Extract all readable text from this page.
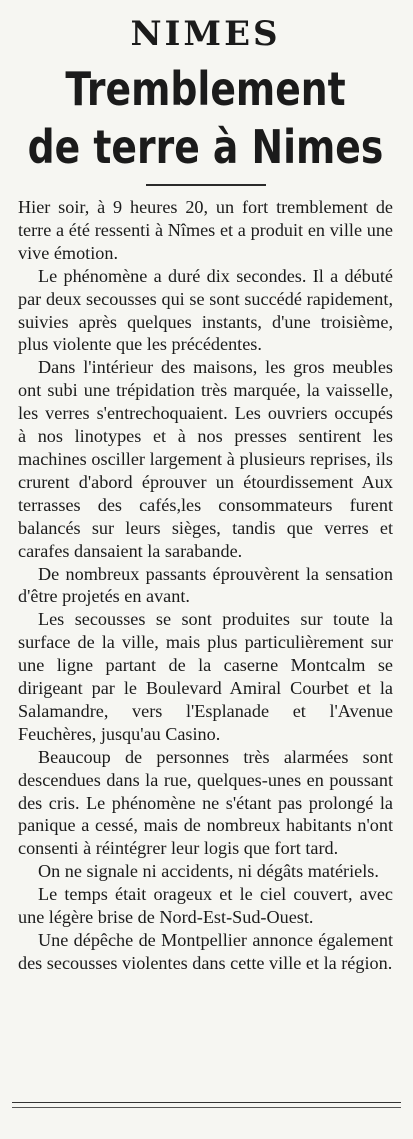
NIMES
Tremblement
de terre à Nimes

Hier soir, à 9 heures 20, un fort tremblement de terre a été ressenti à Nîmes et a produit en ville une vive émotion.

Le phénomène a duré dix secondes. Il a débuté par deux secousses qui se sont succédé rapidement, suivies après quelques instants, d'une troisième, plus violente que les précédentes.

Dans l'intérieur des maisons, les gros meubles ont subi une trépidation très marquée, la vaisselle, les verres s'entrechoquaient. Les ouvriers occupés à nos linotypes et à nos presses sentirent les machines osciller largement à plusieurs reprises, ils crurent d'abord éprouver un étourdissement Aux terrasses des cafés,les consommateurs furent balancés sur leurs sièges, tandis que verres et carafes dansaient la sarabande.

De nombreux passants éprouvèrent la sensation d'être projetés en avant.

Les secousses se sont produites sur toute la surface de la ville, mais plus particulièrement sur une ligne partant de la caserne Montcalm se dirigeant par le Boulevard Amiral Courbet et la Salamandre, vers l'Esplanade et l'Avenue Feuchères, jusqu'au Casino.

Beaucoup de personnes très alarmées sont descendues dans la rue, quelques-unes en poussant des cris. Le phénomène ne s'étant pas prolongé la panique a cessé, mais de nombreux habitants n'ont consenti à réintégrer leur logis que fort tard.

On ne signale ni accidents, ni dégâts matériels.

Le temps était orageux et le ciel couvert, avec une légère brise de Nord-Est-Sud-Ouest.

Une dépêche de Montpellier annonce également des secousses violentes dans cette ville et la région.
